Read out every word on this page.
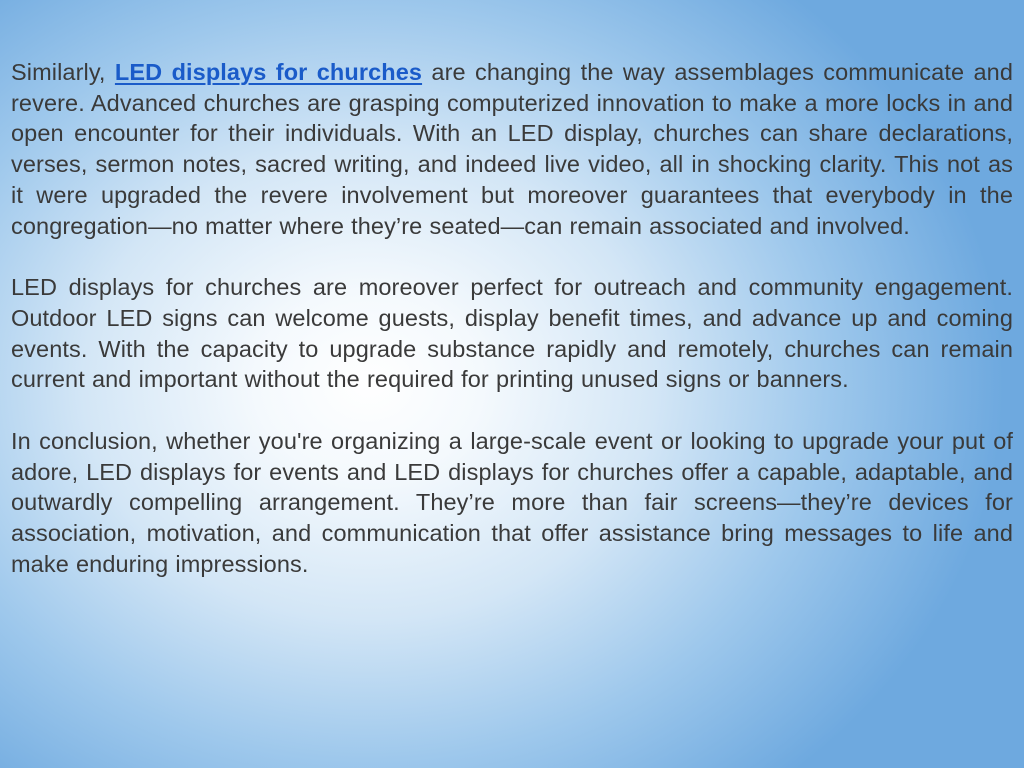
Similarly, LED displays for churches are changing the way assemblages communicate and revere. Advanced churches are grasping computerized innovation to make a more locks in and open encounter for their individuals. With an LED display, churches can share declarations, verses, sermon notes, sacred writing, and indeed live video, all in shocking clarity. This not as it were upgraded the revere involvement but moreover guarantees that everybody in the congregation—no matter where they’re seated—can remain associated and involved.

LED displays for churches are moreover perfect for outreach and community engagement. Outdoor LED signs can welcome guests, display benefit times, and advance up and coming events. With the capacity to upgrade substance rapidly and remotely, churches can remain current and important without the required for printing unused signs or banners.

In conclusion, whether you're organizing a large-scale event or looking to upgrade your put of adore, LED displays for events and LED displays for churches offer a capable, adaptable, and outwardly compelling arrangement. They’re more than fair screens—they’re devices for association, motivation, and communication that offer assistance bring messages to life and make enduring impressions.
